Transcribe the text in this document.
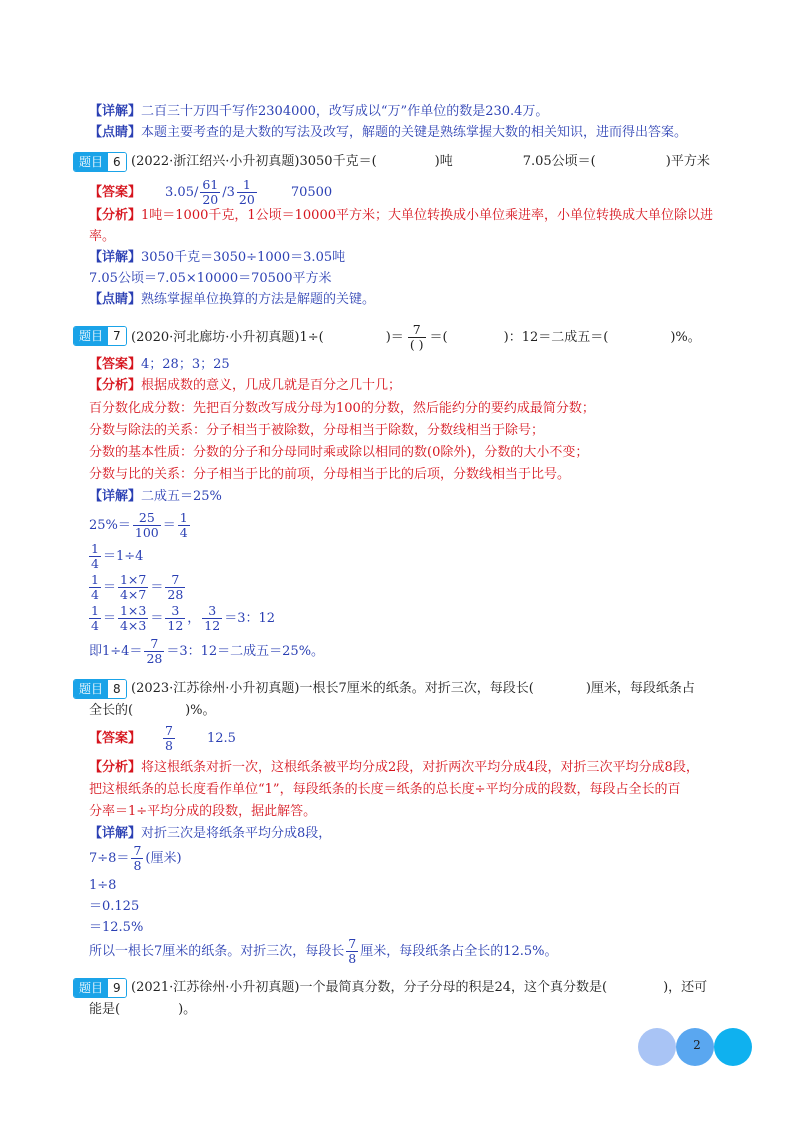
【详解】二百三十万四千写作2304000，改写成以“万”作单位的数是230.4万。
【点睛】本题主要考查的是大数的写法及改写，解题的关键是熟练掌握大数的相关知识，进而得出答案。
题目 6 (2022·浙江绍兴·小升初真题)3050千克＝(	)吨	7.05公顷＝(	)平方米
【答案】 $3.05/ \frac{61}{20} /3 \frac{1}{20}$	70500
【分析】1吨＝1000千克，1公顷＝10000平方米；大单位转换成小单位乘进率，小单位转换成大单位除以进
率。
【详解】3050千克＝3050÷1000＝3.05吨
7.05公顷＝7.05×10000＝70500平方米
【点睛】熟练掌握单位换算的方法是解题的关键。
题目 7 (2020·河北廊坊·小升初真题)1÷(	)＝ $\frac{7}{( )}$ ＝(	)：12＝二成五＝(	)%。
【答案】4；28；3；25
【分析】根据成数的意义，几成几就是百分之几十几；
百分数化成分数：先把百分数改写成分母为100的分数，然后能约分的要约成最简分数；
分数与除法的关系：分子相当于被除数，分母相当于除数，分数线相当于除号；
分数的基本性质：分数的分子和分母同时乘或除以相同的数(0除外)，分数的大小不变；
分数与比的关系：分子相当于比的前项，分母相当于比的后项，分数线相当于比号。
【详解】二成五＝25%
$25\%= \frac{25}{100} = \frac{1}{4}$
$\frac{1}{4} =1\div 4$
$\frac{1}{4} = \frac{1\times 7}{4\times 7} = \frac{7}{28}$
$\frac{1}{4} = \frac{1\times 3}{4\times 3} = \frac{3}{12}$ ， $\frac{3}{12} =3$：12
即$1\div 4= \frac{7}{28} =3$：12＝二成五＝25%。
题目 8 (2023·江苏徐州·小升初真题)一根长7厘米的纸条。对折三次，每段长(	)厘米，每段纸条占
全长的(	)%。
【答案】 $\frac{7}{8} 12.5$
【分析】将这根纸条对折一次，这根纸条被平均分成2段，对折两次平均分成4段，对折三次平均分成8段，
把这根纸条的总长度看作单位“1”，每段纸条的长度＝纸条的总长度÷平均分成的段数，每段占全长的百
分率＝1÷平均分成的段数，据此解答。
【详解】对折三次是将纸条平均分成8段，
$7\div 8= \frac{7}{8}$ (厘米)
1÷8
＝0.125
＝12.5%
所以一根长7厘米的纸条。对折三次，每段长 $\frac{7}{8}$ 厘米，每段纸条占全长的12.5%。
题目 9 (2021·江苏徐州·小升初真题)一个最简真分数，分子分母的积是24，这个真分数是(	)，还可
能是(	)。
2
